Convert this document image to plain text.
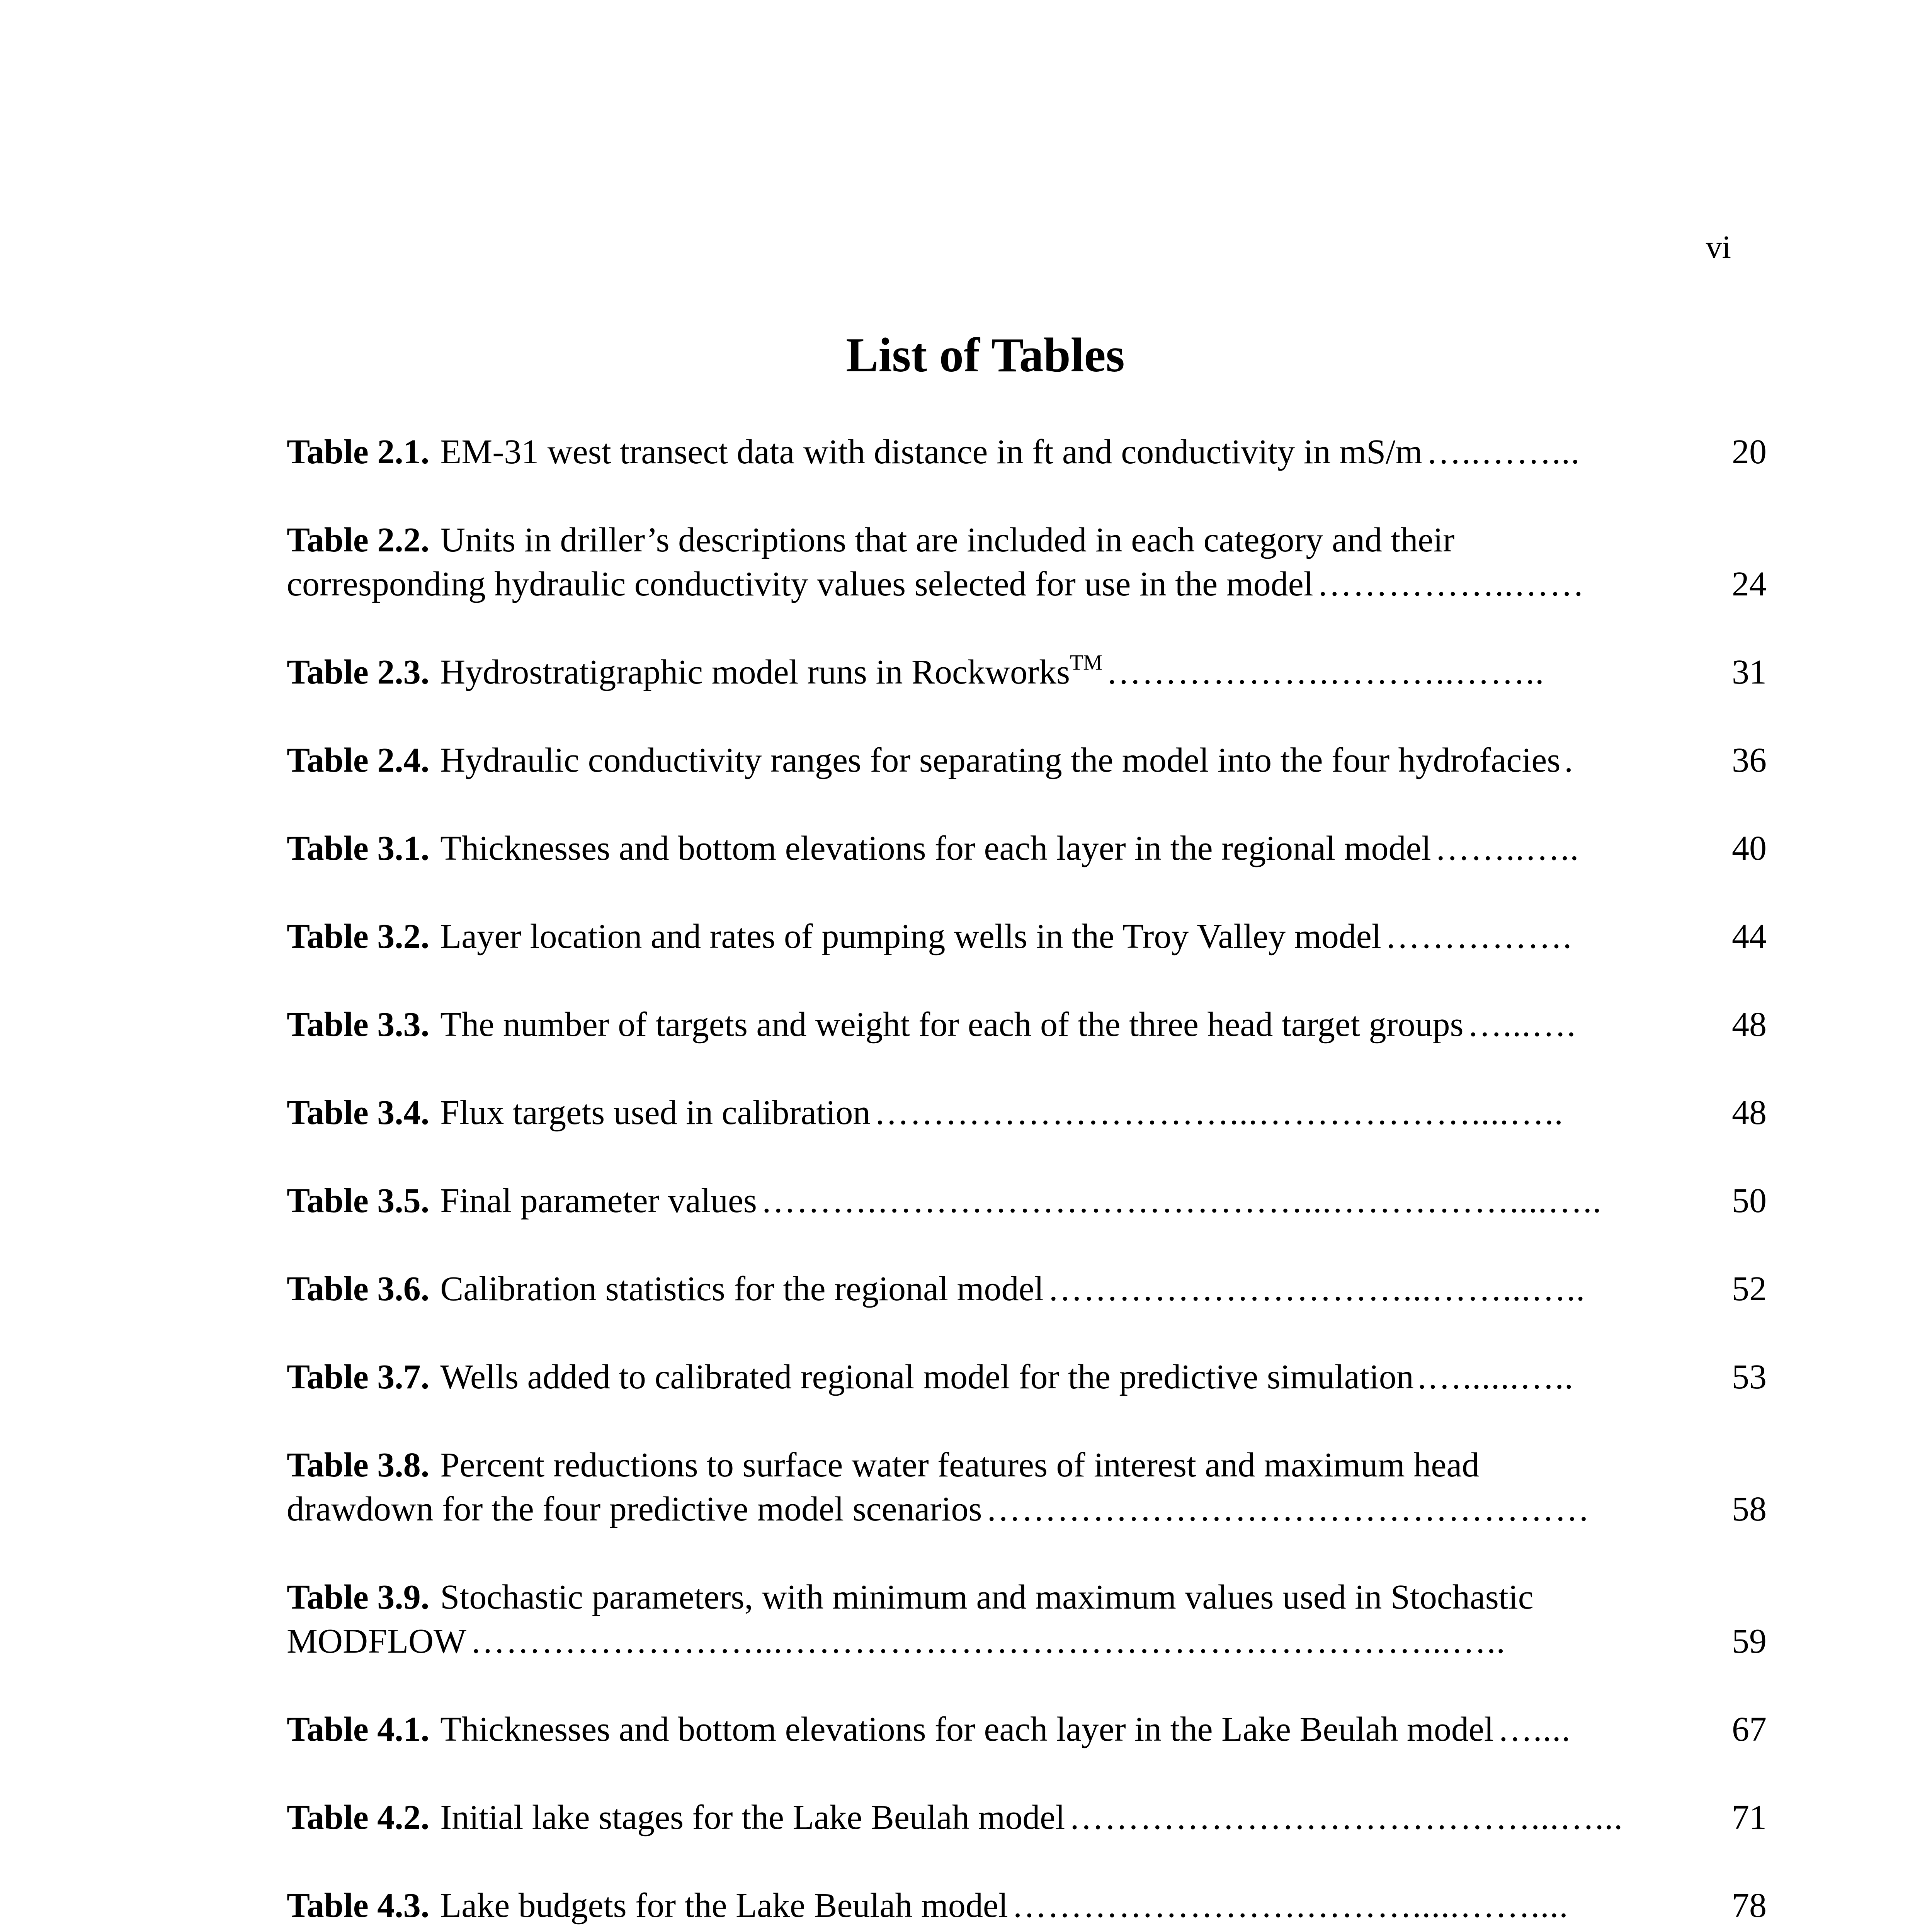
vi
List of Tables
Table 2.1. EM-31 west transect data with distance in ft and conductivity in mS/m …..……...	20
Table 2.2. Units in driller’s descriptions that are included in each category and their
corresponding hydraulic conductivity values selected for use in the model ……………..……	24
Table 2.3. Hydrostratigraphic model runs in Rockworks™ ……………….………..……..	31
Table 2.4. Hydraulic conductivity ranges for separating the model into the four hydrofacies .	36
Table 3.1. Thicknesses and bottom elevations for each layer in the regional model ……..…..	40
Table 3.2. Layer location and rates of pumping wells in the Troy Valley model …………….	44
Table 3.3. The number of targets and weight for each of the three head target groups …...….	48
Table 3.4. Flux targets used in calibration …………………………...………………....…..	48
Table 3.5. Final parameter values ……….………………………………...……………....…..	50
Table 3.6. Calibration statistics for the regional model …………………………...……...…..	52
Table 3.7. Wells added to calibrated regional model for the predictive simulation .…......…..	53
Table 3.8. Percent reductions to surface water features of interest and maximum head
drawdown for the four predictive model scenarios ……………………………………………	58
Table 3.9. Stochastic parameters, with minimum and maximum values used in Stochastic
MODFLOW ……………………...………………………………………………...…..	59
Table 4.1. Thicknesses and bottom elevations for each layer in the Lake Beulah model …....	67
Table 4.2. Initial lake stages for the Lake Beulah model …………………………………...…...	71
Table 4.3. Lake budgets for the Lake Beulah model …………………….……….....……....	78
